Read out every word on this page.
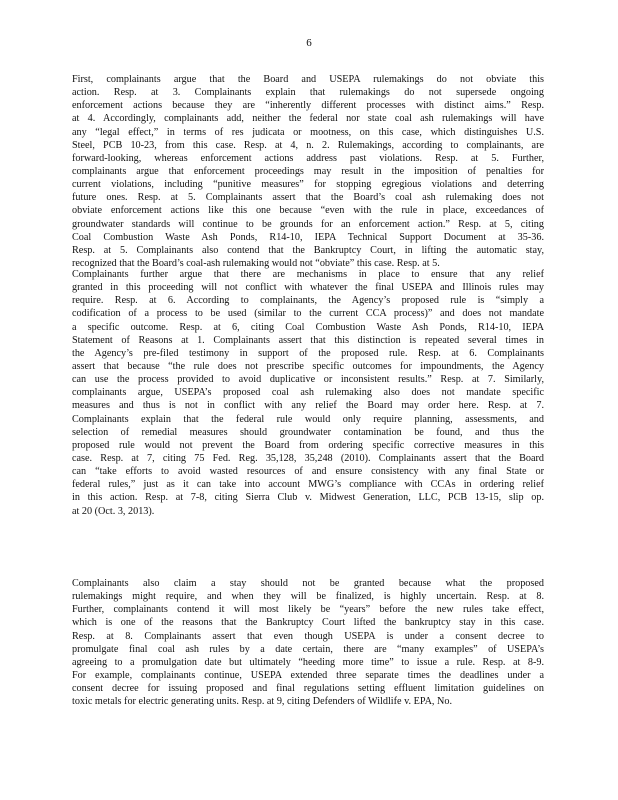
6
First, complainants argue that the Board and USEPA rulemakings do not obviate this
action. Resp. at 3. Complainants explain that rulemakings do not supersede ongoing
enforcement actions because they are “inherently different processes with distinct aims.” Resp.
at 4. Accordingly, complainants add, neither the federal nor state coal ash rulemakings will have
any “legal effect,” in terms of res judicata or mootness, on this case, which distinguishes U.S.
Steel, PCB 10-23, from this case. Resp. at 4, n. 2. Rulemakings, according to complainants, are
forward-looking, whereas enforcement actions address past violations. Resp. at 5. Further,
complainants argue that enforcement proceedings may result in the imposition of penalties for
current violations, including “punitive measures” for stopping egregious violations and deterring
future ones. Resp. at 5. Complainants assert that the Board’s coal ash rulemaking does not
obviate enforcement actions like this one because “even with the rule in place, exceedances of
groundwater standards will continue to be grounds for an enforcement action.” Resp. at 5, citing
Coal Combustion Waste Ash Ponds, R14-10, IEPA Technical Support Document at 35-36.
Resp. at 5. Complainants also contend that the Bankruptcy Court, in lifting the automatic stay,
recognized that the Board’s coal-ash rulemaking would not “obviate” this case. Resp. at 5.
Complainants further argue that there are mechanisms in place to ensure that any relief
granted in this proceeding will not conflict with whatever the final USEPA and Illinois rules may
require. Resp. at 6. According to complainants, the Agency’s proposed rule is “simply a
codification of a process to be used (similar to the current CCA process)” and does not mandate
a specific outcome. Resp. at 6, citing Coal Combustion Waste Ash Ponds, R14-10, IEPA
Statement of Reasons at 1. Complainants assert that this distinction is repeated several times in
the Agency’s pre-filed testimony in support of the proposed rule. Resp. at 6. Complainants
assert that because “the rule does not prescribe specific outcomes for impoundments, the Agency
can use the process provided to avoid duplicative or inconsistent results.” Resp. at 7. Similarly,
complainants argue, USEPA’s proposed coal ash rulemaking also does not mandate specific
measures and thus is not in conflict with any relief the Board may order here. Resp. at 7.
Complainants explain that the federal rule would only require planning, assessments, and
selection of remedial measures should groundwater contamination be found, and thus the
proposed rule would not prevent the Board from ordering specific corrective measures in this
case. Resp. at 7, citing 75 Fed. Reg. 35,128, 35,248 (2010). Complainants assert that the Board
can “take efforts to avoid wasted resources of and ensure consistency with any final State or
federal rules,” just as it can take into account MWG’s compliance with CCAs in ordering relief
in this action. Resp. at 7-8, citing Sierra Club v. Midwest Generation, LLC, PCB 13-15, slip op.
at 20 (Oct. 3, 2013).
Complainants also claim a stay should not be granted because what the proposed
rulemakings might require, and when they will be finalized, is highly uncertain. Resp. at 8.
Further, complainants contend it will most likely be “years” before the new rules take effect,
which is one of the reasons that the Bankruptcy Court lifted the bankruptcy stay in this case.
Resp. at 8. Complainants assert that even though USEPA is under a consent decree to
promulgate final coal ash rules by a date certain, there are “many examples” of USEPA’s
agreeing to a promulgation date but ultimately “heeding more time” to issue a rule. Resp. at 8-9.
For example, complainants continue, USEPA extended three separate times the deadlines under a
consent decree for issuing proposed and final regulations setting effluent limitation guidelines on
toxic metals for electric generating units. Resp. at 9, citing Defenders of Wildlife v. EPA, No.
